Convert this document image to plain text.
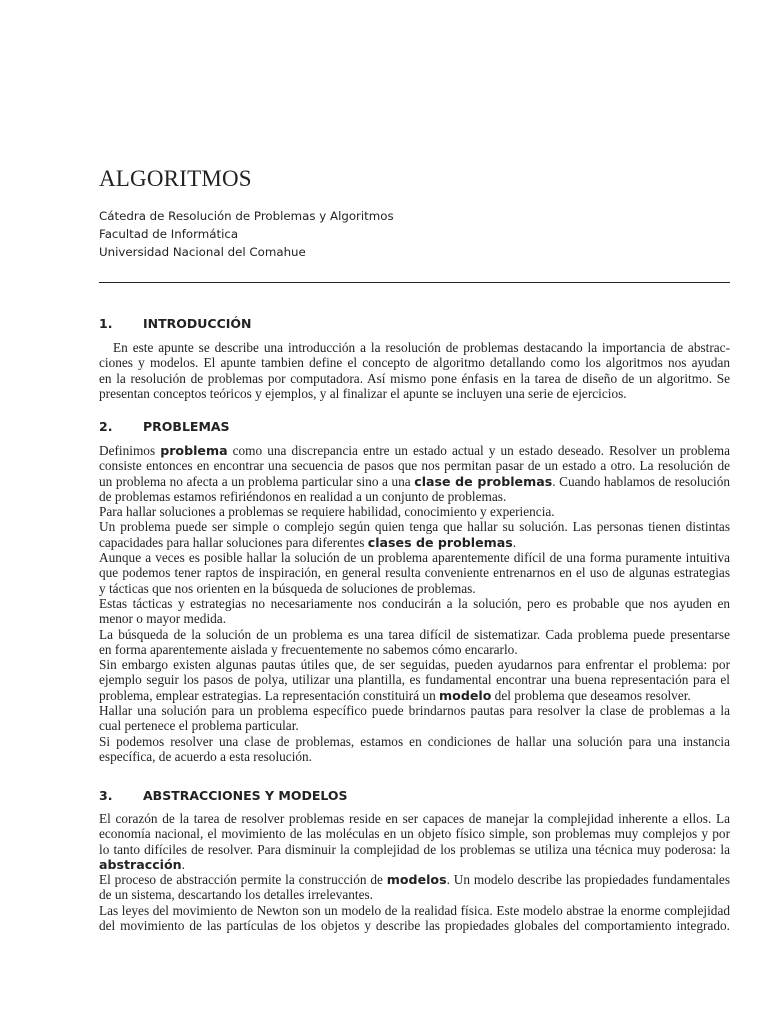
ALGORITMOS
Cátedra de Resolución de Problemas y Algoritmos
Facultad de Informática
Universidad Nacional del Comahue
1. INTRODUCCIÓN
En este apunte se describe una introducción a la resolución de problemas destacando la importancia de abstrac-
ciones y modelos. El apunte tambien define el concepto de algoritmo detallando como los algoritmos nos ayudan
en la resolución de problemas por computadora. Así mismo pone énfasis en la tarea de diseño de un algoritmo. Se
presentan conceptos teóricos y ejemplos, y al finalizar el apunte se incluyen una serie de ejercicios.
2. PROBLEMAS
Definimos problema como una discrepancia entre un estado actual y un estado deseado. Resolver un problema
consiste entonces en encontrar una secuencia de pasos que nos permitan pasar de un estado a otro. La resolución de
un problema no afecta a un problema particular sino a una clase de problemas. Cuando hablamos de resolución
de problemas estamos refiriéndonos en realidad a un conjunto de problemas.
Para hallar soluciones a problemas se requiere habilidad, conocimiento y experiencia.
Un problema puede ser simple o complejo según quien tenga que hallar su solución. Las personas tienen distintas
capacidades para hallar soluciones para diferentes clases de problemas.
Aunque a veces es posible hallar la solución de un problema aparentemente difícil de una forma puramente intuitiva
que podemos tener raptos de inspiración, en general resulta conveniente entrenarnos en el uso de algunas estrategias
y tácticas que nos orienten en la búsqueda de soluciones de problemas.
Estas tácticas y estrategias no necesariamente nos conducirán a la solución, pero es probable que nos ayuden en
menor o mayor medida.
La búsqueda de la solución de un problema es una tarea difícil de sistematizar. Cada problema puede presentarse
en forma aparentemente aislada y frecuentemente no sabemos cómo encararlo.
Sin embargo existen algunas pautas útiles que, de ser seguidas, pueden ayudarnos para enfrentar el problema: por
ejemplo seguir los pasos de polya, utilizar una plantilla, es fundamental encontrar una buena representación para el
problema, emplear estrategias. La representación constituirá un modelo del problema que deseamos resolver.
Hallar una solución para un problema específico puede brindarnos pautas para resolver la clase de problemas a la
cual pertenece el problema particular.
Si podemos resolver una clase de problemas, estamos en condiciones de hallar una solución para una instancia
específica, de acuerdo a esta resolución.
3. ABSTRACCIONES Y MODELOS
El corazón de la tarea de resolver problemas reside en ser capaces de manejar la complejidad inherente a ellos. La
economía nacional, el movimiento de las moléculas en un objeto físico simple, son problemas muy complejos y por
lo tanto difíciles de resolver. Para disminuir la complejidad de los problemas se utiliza una técnica muy poderosa: la
abstracción.
El proceso de abstracción permite la construcción de modelos. Un modelo describe las propiedades fundamentales
de un sistema, descartando los detalles irrelevantes.
Las leyes del movimiento de Newton son un modelo de la realidad física. Este modelo abstrae la enorme complejidad
del movimiento de las partículas de los objetos y describe las propiedades globales del comportamiento integrado.
